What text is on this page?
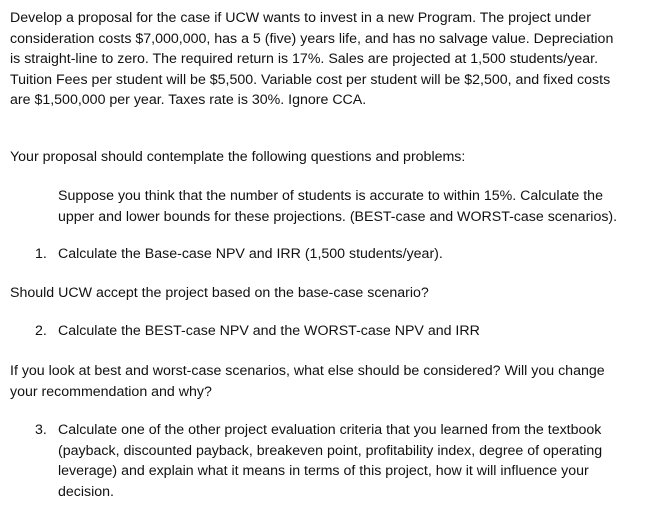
Develop a proposal for the case if UCW wants to invest in a new Program. The project under
consideration costs $7,000,000, has a 5 (five) years life, and has no salvage value. Depreciation
is straight-line to zero. The required return is 17%. Sales are projected at 1,500 students/year.
Tuition Fees per student will be $5,500. Variable cost per student will be $2,500, and fixed costs
are $1,500,000 per year. Taxes rate is 30%. Ignore CCA.
Your proposal should contemplate the following questions and problems:
Suppose you think that the number of students is accurate to within 15%. Calculate the
upper and lower bounds for these projections. (BEST-case and WORST-case scenarios).
1. Calculate the Base-case NPV and IRR (1,500 students/year).
Should UCW accept the project based on the base-case scenario?
2. Calculate the BEST-case NPV and the WORST-case NPV and IRR
If you look at best and worst-case scenarios, what else should be considered? Will you change
your recommendation and why?
3. Calculate one of the other project evaluation criteria that you learned from the textbook
(payback, discounted payback, breakeven point, profitability index, degree of operating
leverage) and explain what it means in terms of this project, how it will influence your
decision.
